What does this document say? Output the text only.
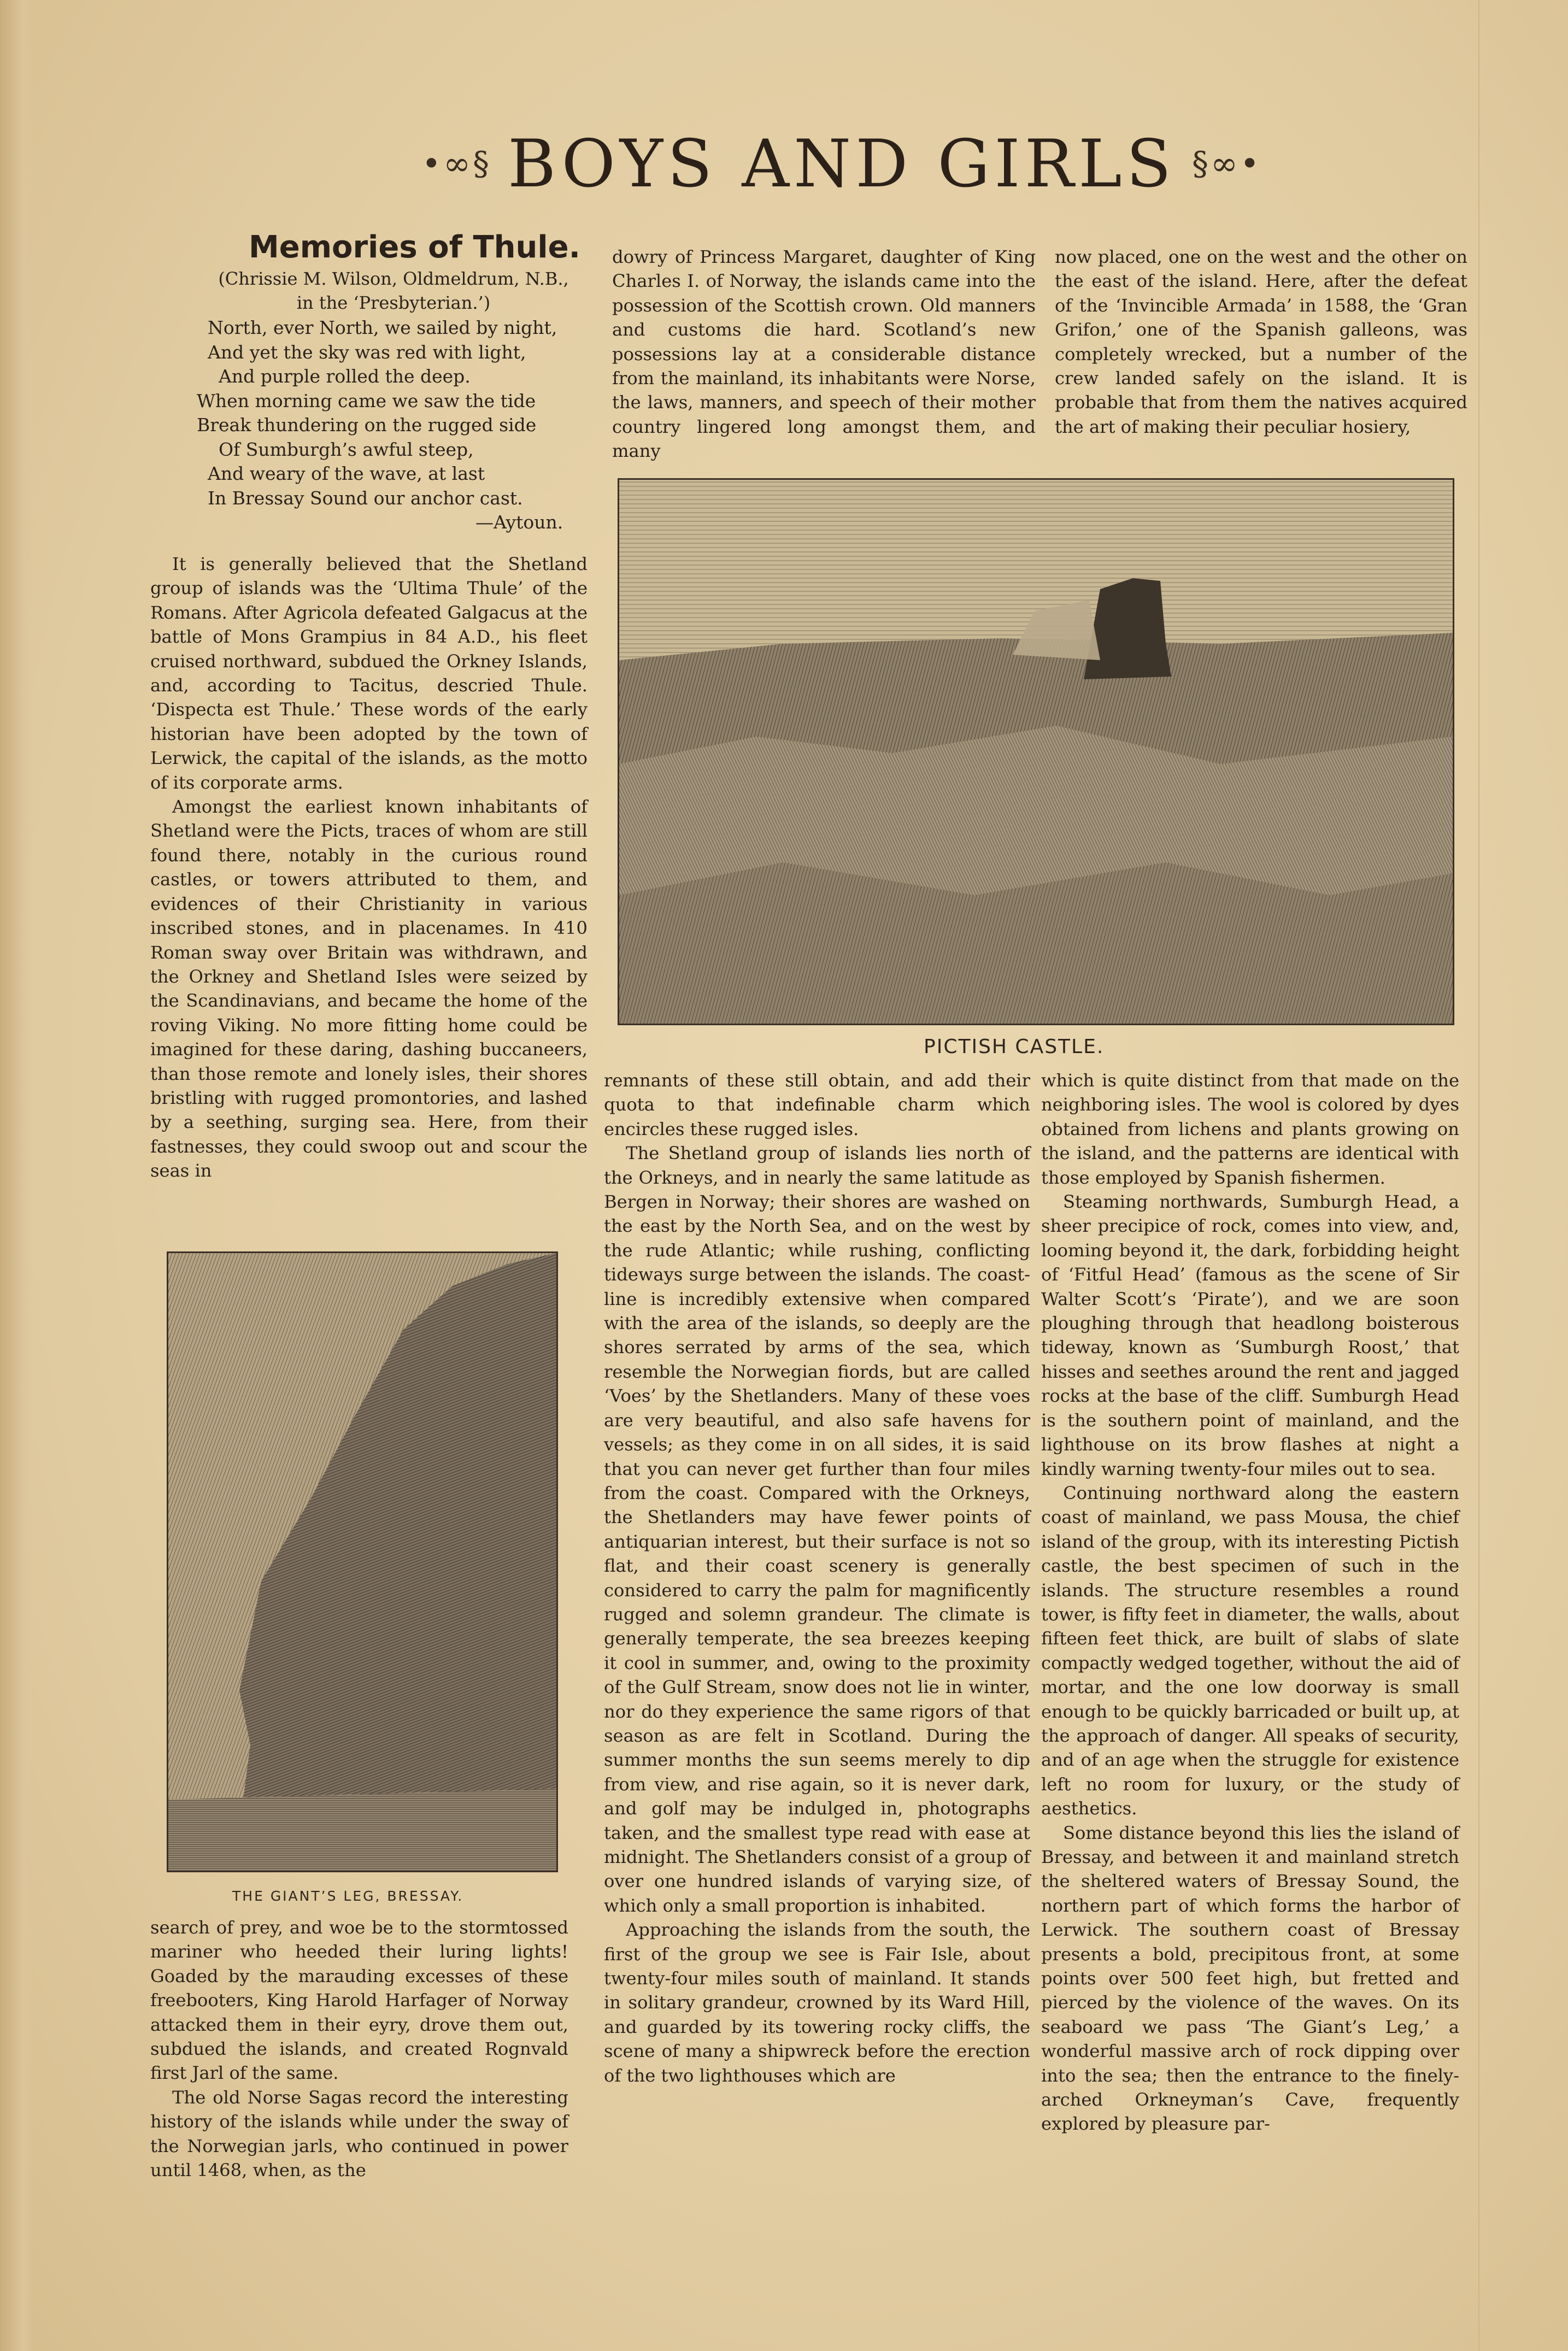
•∞§ BOYS AND GIRLS §∞•
Memories of Thule.
(Chrissie M. Wilson, Oldmeldrum, N.B.,
in the ‘Presbyterian.’)
North, ever North, we sailed by night,
And yet the sky was red with light,
And purple rolled the deep.
When morning came we saw the tide
Break thundering on the rugged side
Of Sumburgh’s awful steep,
And weary of the wave, at last
In Bressay Sound our anchor cast.
—Aytoun.

It is generally believed that the Shetland group of islands was the ‘Ultima Thule’ of the Romans. After Agricola defeated Galgacus at the battle of Mons Grampius in 84 A.D., his fleet cruised northward, subdued the Orkney Islands, and, according to Tacitus, descried Thule. ‘Dispecta est Thule.’ These words of the early historian have been adopted by the town of Lerwick, the capital of the islands, as the motto of its corporate arms.

Amongst the earliest known inhabitants of Shetland were the Picts, traces of whom are still found there, notably in the curious round castles, or towers attributed to them, and evidences of their Christianity in various inscribed stones, and in placenames. In 410 Roman sway over Britain was withdrawn, and the Orkney and Shetland Isles were seized by the Scandinavians, and became the home of the roving Viking. No more fitting home could be imagined for these daring, dashing buccaneers, than those remote and lonely isles, their shores bristling with rugged promontories, and lashed by a seething, surging sea. Here, from their fastnesses, they could swoop out and scour the seas in

THE GIANT’S LEG, BRESSAY.

search of prey, and woe be to the stormtossed mariner who heeded their luring lights! Goaded by the marauding excesses of these freebooters, King Harold Harfager of Norway attacked them in their eyry, drove them out, subdued the islands, and created Rognvald first Jarl of the same.

The old Norse Sagas record the interesting history of the islands while under the sway of the Norwegian jarls, who continued in power until 1468, when, as the

dowry of Princess Margaret, daughter of King Charles I. of Norway, the islands came into the possession of the Scottish crown. Old manners and customs die hard. Scotland’s new possessions lay at a considerable distance from the mainland, its inhabitants were Norse, the laws, manners, and speech of their mother country lingered long amongst them, and many

now placed, one on the west and the other on the east of the island. Here, after the defeat of the ‘Invincible Armada’ in 1588, the ‘Gran Grifon,’ one of the Spanish galleons, was completely wrecked, but a number of the crew landed safely on the island. It is probable that from them the natives acquired the art of making their peculiar hosiery,

PICTISH CASTLE.

remnants of these still obtain, and add their quota to that indefinable charm which encircles these rugged isles.

The Shetland group of islands lies north of the Orkneys, and in nearly the same latitude as Bergen in Norway; their shores are washed on the east by the North Sea, and on the west by the rude Atlantic; while rushing, conflicting tideways surge between the islands. The coast-line is incredibly extensive when compared with the area of the islands, so deeply are the shores serrated by arms of the sea, which resemble the Norwegian fiords, but are called ‘Voes’ by the Shetlanders. Many of these voes are very beautiful, and also safe havens for vessels; as they come in on all sides, it is said that you can never get further than four miles from the coast. Compared with the Orkneys, the Shetlanders may have fewer points of antiquarian interest, but their surface is not so flat, and their coast scenery is generally considered to carry the palm for magnificently rugged and solemn grandeur. The climate is generally temperate, the sea breezes keeping it cool in summer, and, owing to the proximity of the Gulf Stream, snow does not lie in winter, nor do they experience the same rigors of that season as are felt in Scotland. During the summer months the sun seems merely to dip from view, and rise again, so it is never dark, and golf may be indulged in, photographs taken, and the smallest type read with ease at midnight. The Shetlanders consist of a group of over one hundred islands of varying size, of which only a small proportion is inhabited.

Approaching the islands from the south, the first of the group we see is Fair Isle, about twenty-four miles south of mainland. It stands in solitary grandeur, crowned by its Ward Hill, and guarded by its towering rocky cliffs, the scene of many a shipwreck before the erection of the two lighthouses which are

which is quite distinct from that made on the neighboring isles. The wool is colored by dyes obtained from lichens and plants growing on the island, and the patterns are identical with those employed by Spanish fishermen.

Steaming northwards, Sumburgh Head, a sheer precipice of rock, comes into view, and, looming beyond it, the dark, forbidding height of ‘Fitful Head’ (famous as the scene of Sir Walter Scott’s ‘Pirate’), and we are soon ploughing through that headlong boisterous tideway, known as ‘Sumburgh Roost,’ that hisses and seethes around the rent and jagged rocks at the base of the cliff. Sumburgh Head is the southern point of mainland, and the lighthouse on its brow flashes at night a kindly warning twenty-four miles out to sea.

Continuing northward along the eastern coast of mainland, we pass Mousa, the chief island of the group, with its interesting Pictish castle, the best specimen of such in the islands. The structure resembles a round tower, is fifty feet in diameter, the walls, about fifteen feet thick, are built of slabs of slate compactly wedged together, without the aid of mortar, and the one low doorway is small enough to be quickly barricaded or built up, at the approach of danger. All speaks of security, and of an age when the struggle for existence left no room for luxury, or the study of aesthetics.

Some distance beyond this lies the island of Bressay, and between it and mainland stretch the sheltered waters of Bressay Sound, the northern part of which forms the harbor of Lerwick. The southern coast of Bressay presents a bold, precipitous front, at some points over 500 feet high, but fretted and pierced by the violence of the waves. On its seaboard we pass ‘The Giant’s Leg,’ a wonderful massive arch of rock dipping over into the sea; then the entrance to the finely-arched Orkneyman’s Cave, frequently explored by pleasure par-
